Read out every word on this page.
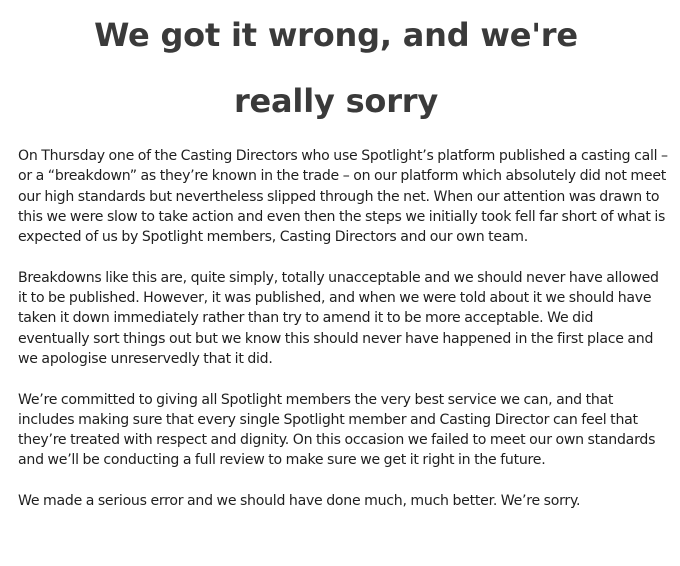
We got it wrong, and we're
really sorry

On Thursday one of the Casting Directors who use Spotlight’s platform published a casting call – or a “breakdown” as they’re known in the trade – on our platform which absolutely did not meet our high standards but nevertheless slipped through the net. When our attention was drawn to this we were slow to take action and even then the steps we initially took fell far short of what is expected of us by Spotlight members, Casting Directors and our own team.

Breakdowns like this are, quite simply, totally unacceptable and we should never have allowed it to be published. However, it was published, and when we were told about it we should have taken it down immediately rather than try to amend it to be more acceptable. We did eventually sort things out but we know this should never have happened in the first place and we apologise unreservedly that it did.

We’re committed to giving all Spotlight members the very best service we can, and that includes making sure that every single Spotlight member and Casting Director can feel that they’re treated with respect and dignity. On this occasion we failed to meet our own standards and we’ll be conducting a full review to make sure we get it right in the future.

We made a serious error and we should have done much, much better. We’re sorry.
